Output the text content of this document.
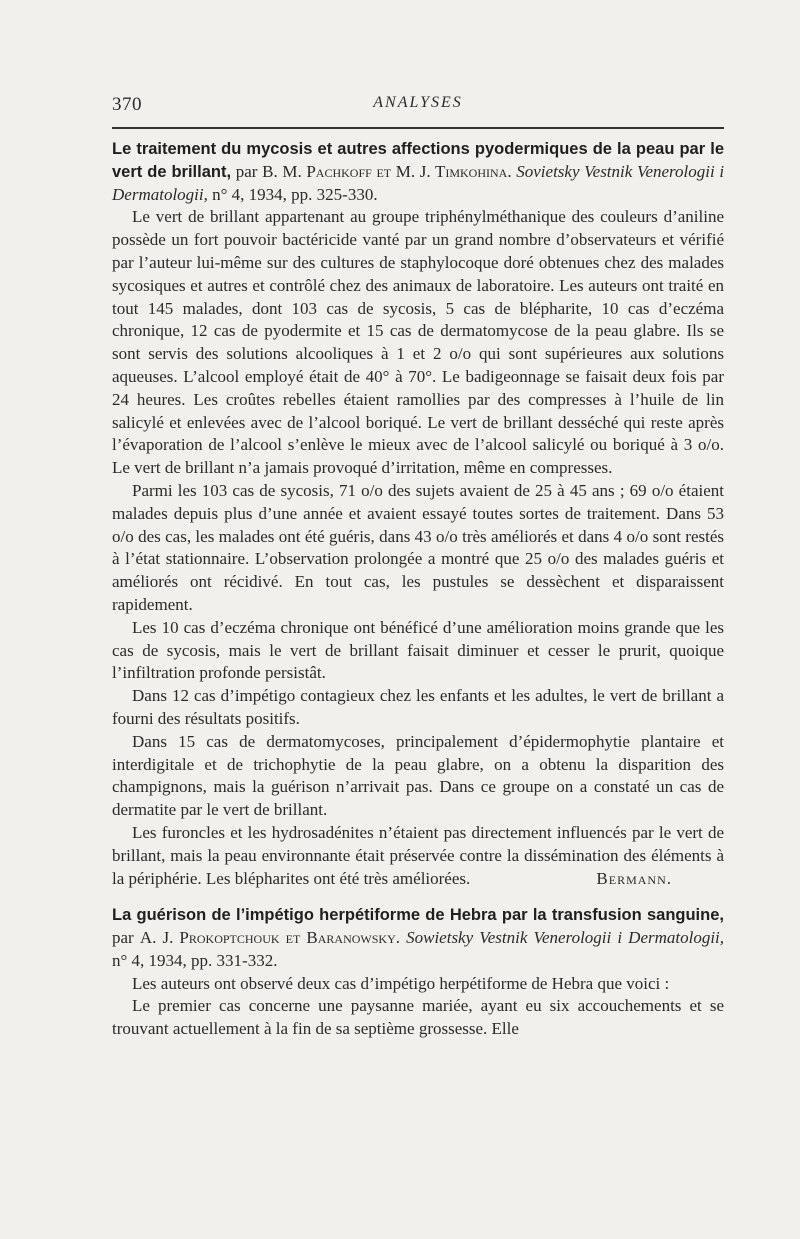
370	ANALYSES

Le traitement du mycosis et autres affections pyodermiques de la peau par le vert de brillant, par B. M. Pachkoff et M. J. Timkohina. Sovietsky Vestnik Venerologii i Dermatologii, n° 4, 1934, pp. 325-330.

Le vert de brillant appartenant au groupe triphénylméthanique des couleurs d’aniline possède un fort pouvoir bactéricide vanté par un grand nombre d’observateurs et vérifié par l’auteur lui-même sur des cultures de staphylocoque doré obtenues chez des malades sycosiques et autres et contrôlé chez des animaux de laboratoire. Les auteurs ont traité en tout 145 malades, dont 103 cas de sycosis, 5 cas de blépharite, 10 cas d’eczéma chronique, 12 cas de pyodermite et 15 cas de dermatomycose de la peau glabre. Ils se sont servis des solutions alcooliques à 1 et 2 o/o qui sont supérieures aux solutions aqueuses. L’alcool employé était de 40° à 70°. Le badigeonnage se faisait deux fois par 24 heures. Les croûtes rebelles étaient ramollies par des compresses à l’huile de lin salicylé et enlevées avec de l’alcool boriqué. Le vert de brillant desséché qui reste après l’évaporation de l’alcool s’enlève le mieux avec de l’alcool salicylé ou boriqué à 3 o/o. Le vert de brillant n’a jamais provoqué d’irritation, même en compresses.

Parmi les 103 cas de sycosis, 71 o/o des sujets avaient de 25 à 45 ans ; 69 o/o étaient malades depuis plus d’une année et avaient essayé toutes sortes de traitement. Dans 53 o/o des cas, les malades ont été guéris, dans 43 o/o très améliorés et dans 4 o/o sont restés à l’état stationnaire. L’observation prolongée a montré que 25 o/o des malades guéris et améliorés ont récidivé. En tout cas, les pustules se dessèchent et disparaissent rapidement.

Les 10 cas d’eczéma chronique ont bénéficé d’une amélioration moins grande que les cas de sycosis, mais le vert de brillant faisait diminuer et cesser le prurit, quoique l’infiltration profonde persistât.

Dans 12 cas d’impétigo contagieux chez les enfants et les adultes, le vert de brillant a fourni des résultats positifs.

Dans 15 cas de dermatomycoses, principalement d’épidermophytie plantaire et interdigitale et de trichophytie de la peau glabre, on a obtenu la disparition des champignons, mais la guérison n’arrivait pas. Dans ce groupe on a constaté un cas de dermatite par le vert de brillant.

Les furoncles et les hydrosadénites n’étaient pas directement influencés par le vert de brillant, mais la peau environnante était préservée contre la dissémination des éléments à la périphérie. Les blépharites ont été très améliorées.	Bermann.

La guérison de l’impétigo herpétiforme de Hebra par la transfusion sanguine, par A. J. Prokoptchouk et Baranowsky. Sowietsky Vestnik Venerologii i Dermatologii, n° 4, 1934, pp. 331-332.

Les auteurs ont observé deux cas d’impétigo herpétiforme de Hebra que voici :

Le premier cas concerne une paysanne mariée, ayant eu six accouchements et se trouvant actuellement à la fin de sa septième grossesse. Elle
